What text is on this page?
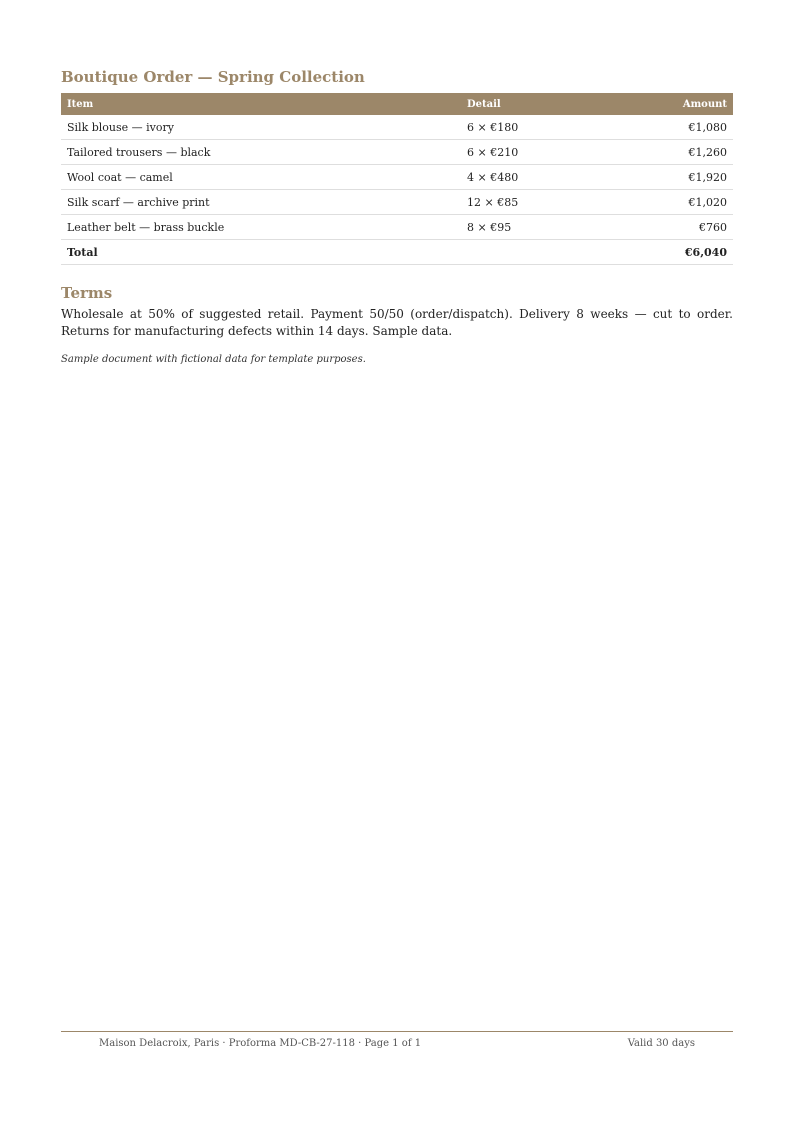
Boutique Order — Spring Collection
Item	Detail	Amount
Silk blouse — ivory	6 × €180	€1,080
Tailored trousers — black	6 × €210	€1,260
Wool coat — camel	4 × €480	€1,920
Silk scarf — archive print	12 × €85	€1,020
Leather belt — brass buckle	8 × €95	€760
Total		€6,040
Terms

Wholesale at 50% of suggested retail. Payment 50/50 (order/dispatch). Delivery 8 weeks — cut to order. Returns for manufacturing defects within 14 days. Sample data.

Sample document with fictional data for template purposes.

Maison Delacroix, Paris · Proforma MD-CB-27-118 · Page 1 of 1	Valid 30 days
